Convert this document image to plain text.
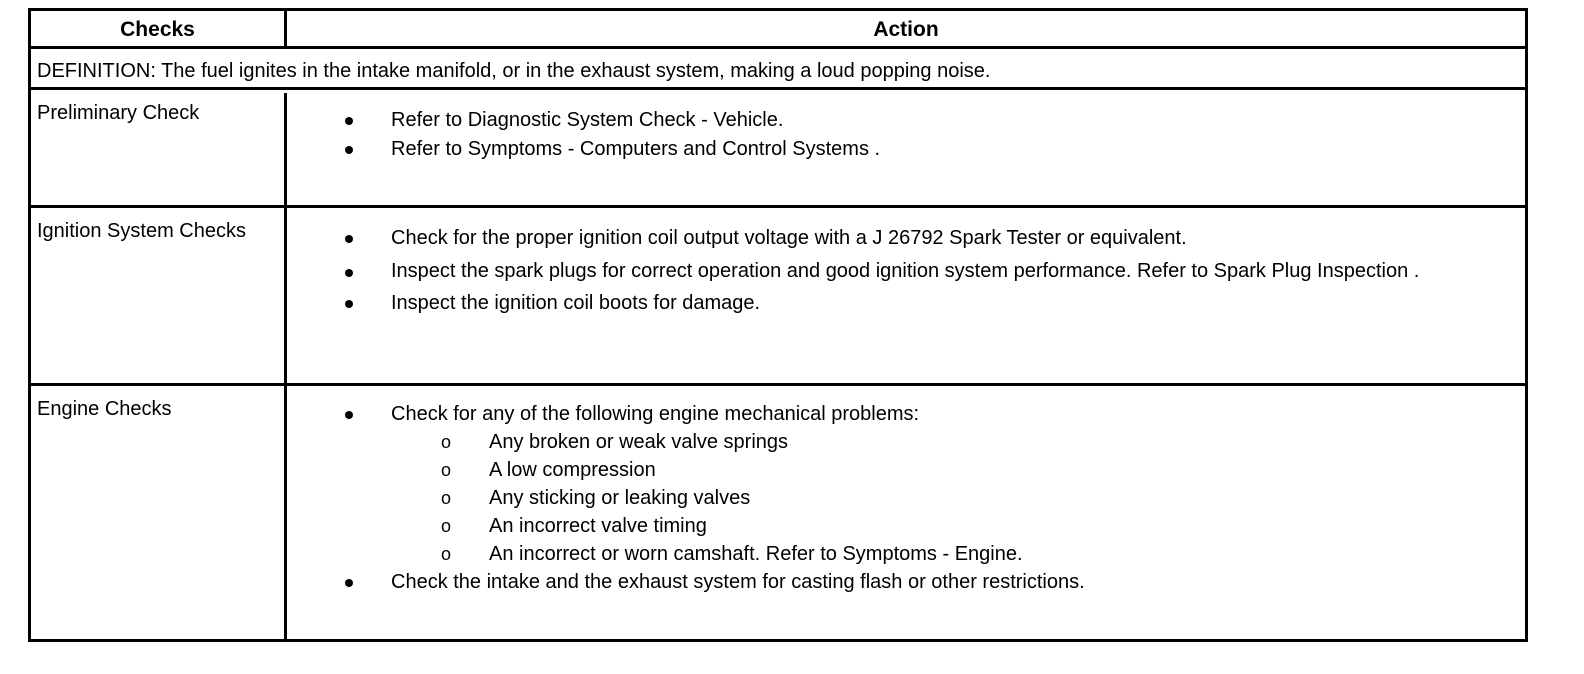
Checks	Action
DEFINITION: The fuel ignites in the intake manifold, or in the exhaust system, making a loud popping noise.
Preliminary Check	Refer to Diagnostic System Check - Vehicle.
Refer to Symptoms - Computers and Control Systems .
Ignition System Checks	Check for the proper ignition coil output voltage with a J 26792 Spark Tester or equivalent.
Inspect the spark plugs for correct operation and good ignition system performance. Refer to Spark Plug Inspection .
Inspect the ignition coil boots for damage.
Engine Checks	Check for any of the following engine mechanical problems:
o Any broken or weak valve springs
o A low compression
o Any sticking or leaking valves
o An incorrect valve timing
o An incorrect or worn camshaft. Refer to Symptoms - Engine.
Check the intake and the exhaust system for casting flash or other restrictions.
